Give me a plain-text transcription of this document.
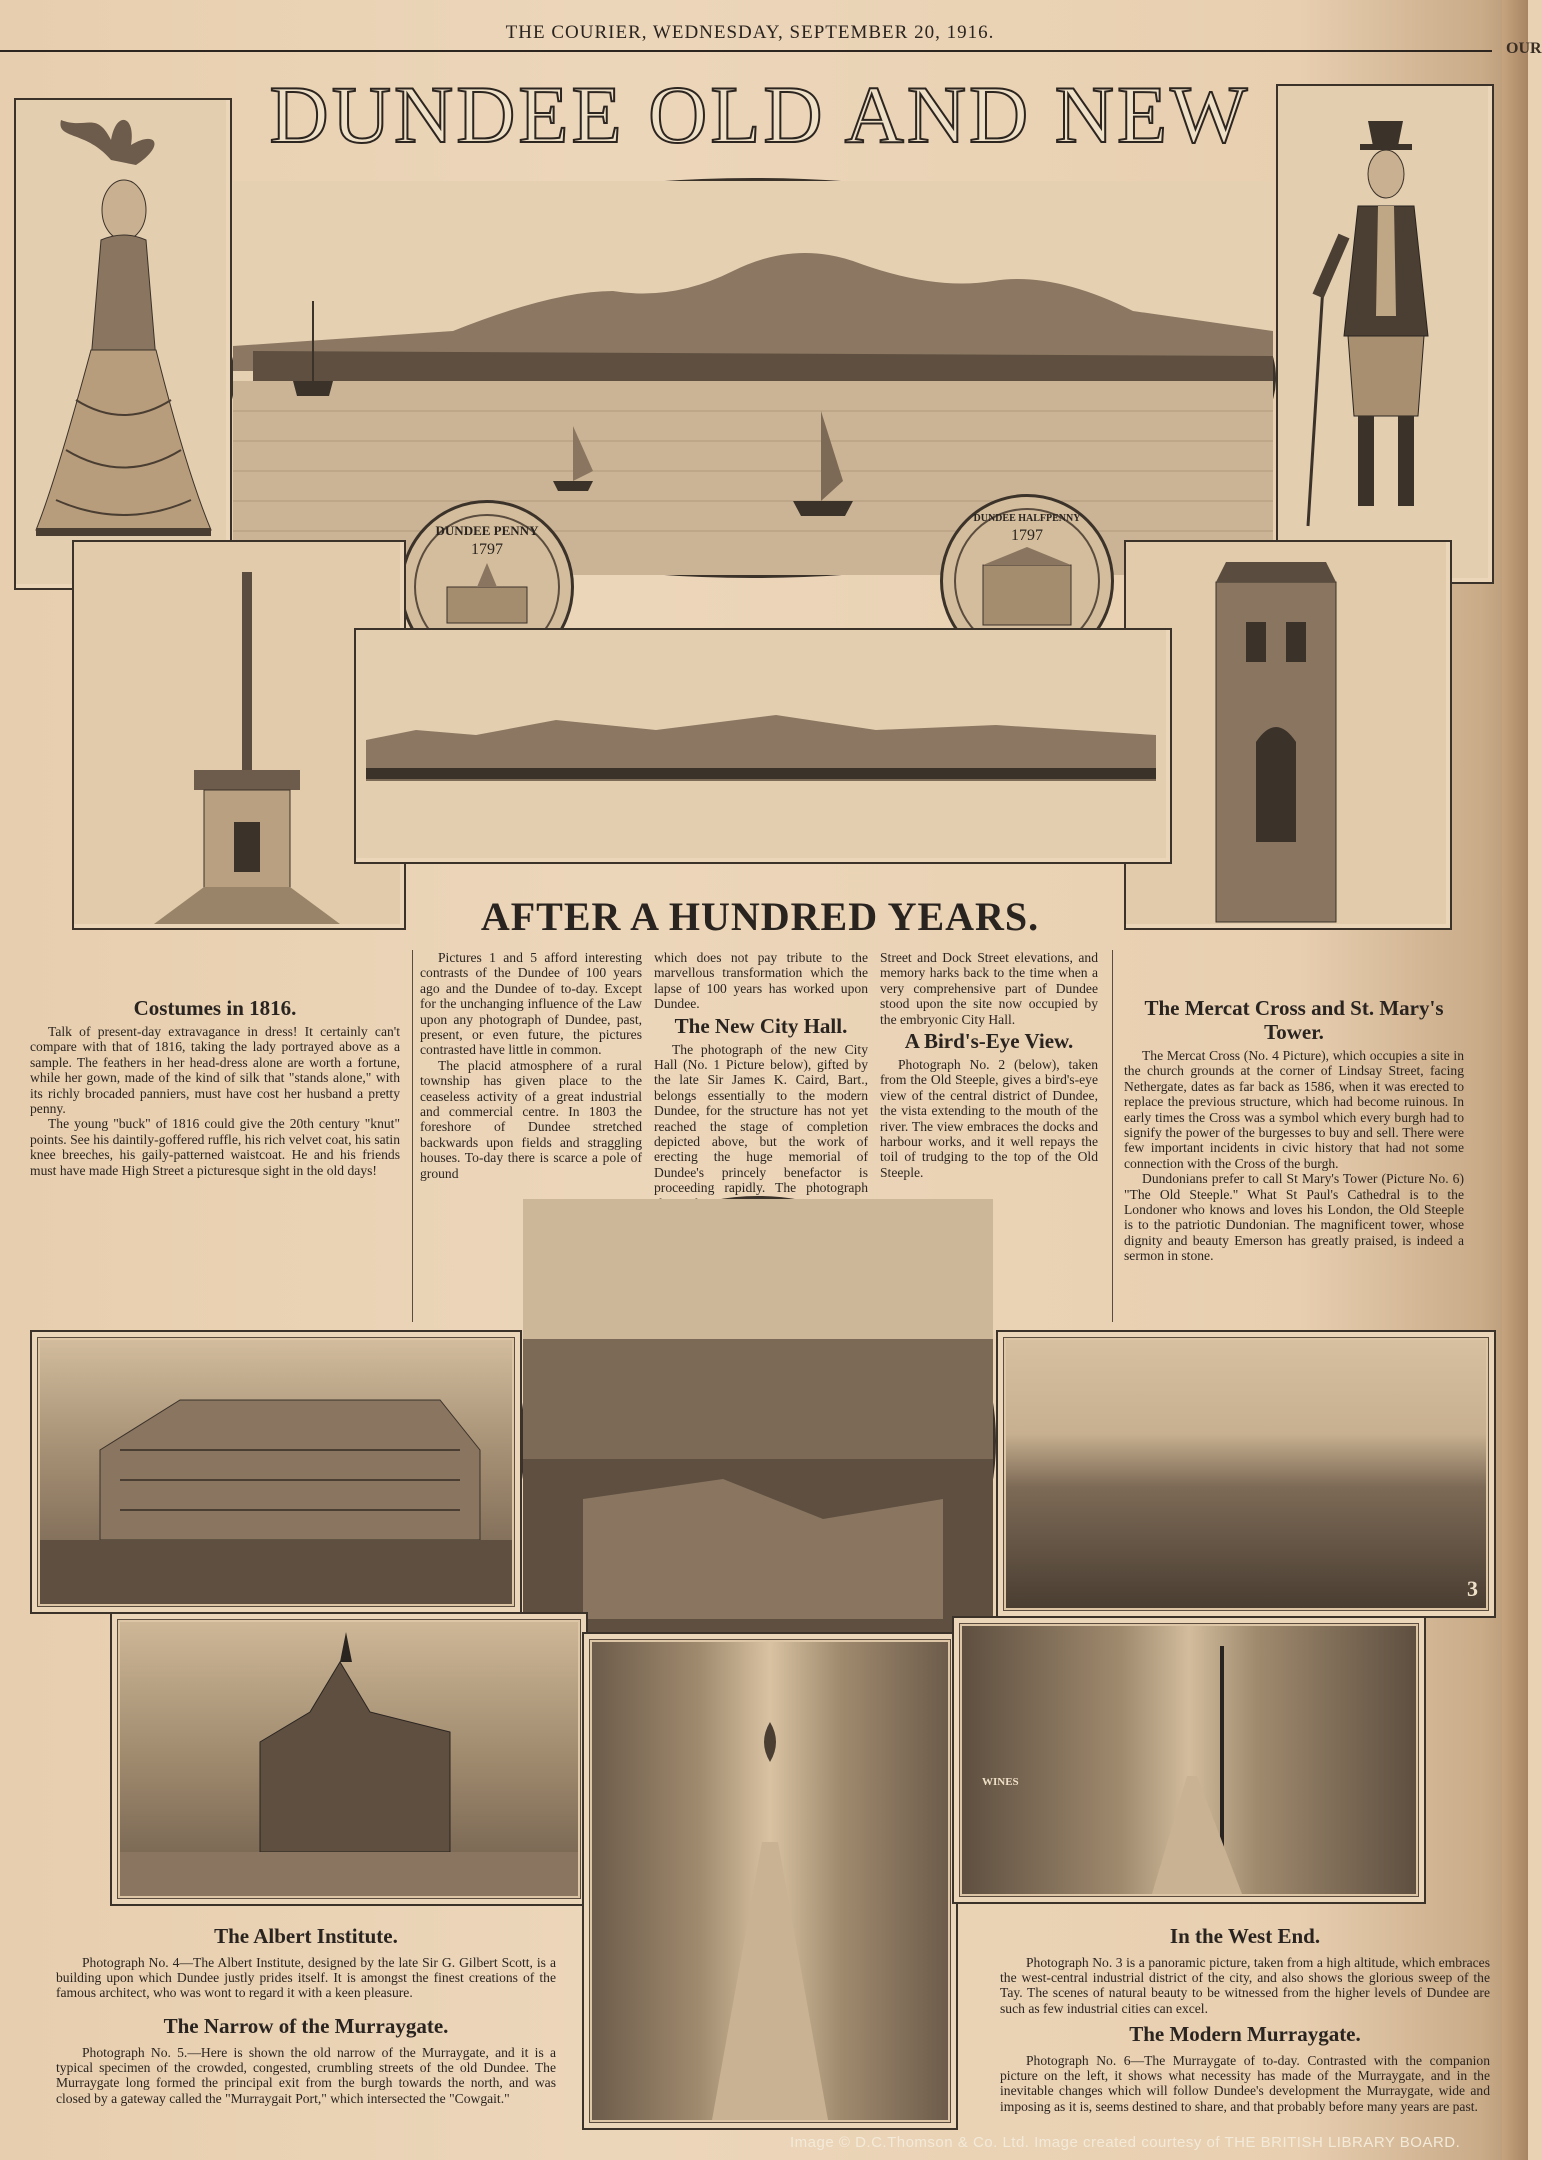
OUR
THE COURIER, WEDNESDAY, SEPTEMBER 20, 1916.
DUNDEE OLD AND NEW
DUNDEE PENNY
1797
DUNDEE HALFPENNY
1797
AFTER A HUNDRED YEARS.
Costumes in 1816.

Talk of present-day extravagance in dress! It certainly can't compare with that of 1816, taking the lady portrayed above as a sample. The feathers in her head-dress alone are worth a fortune, while her gown, made of the kind of silk that "stands alone," with its richly brocaded panniers, must have cost her husband a pretty penny.

The young "buck" of 1816 could give the 20th century "knut" points. See his daintily-goffered ruffle, his rich velvet coat, his satin knee breeches, his gaily-patterned waistcoat. He and his friends must have made High Street a picturesque sight in the old days!

Pictures 1 and 5 afford interesting contrasts of the Dundee of 100 years ago and the Dundee of to-day. Except for the unchanging influence of the Law upon any photograph of Dundee, past, present, or even future, the pictures contrasted have little in common.

The placid atmosphere of a rural township has given place to the ceaseless activity of a great industrial and commercial centre. In 1803 the foreshore of Dundee stretched backwards upon fields and straggling houses. To-day there is scarce a pole of ground

which does not pay tribute to the marvellous transformation which the lapse of 100 years has worked upon Dundee.

The New City Hall.

The photograph of the new City Hall (No. 1 Picture below), gifted by the late Sir James K. Caird, Bart., belongs essentially to the modern Dundee, for the structure has not yet reached the stage of completion depicted above, but the work of erecting the huge memorial of Dundee's princely benefactor is proceeding rapidly. The photograph

Street and Dock Street elevations, and memory harks back to the time when a very comprehensive part of Dundee stood upon the site now occupied by the embryonic City Hall.

A Bird's-Eye View.

Photograph No. 2 (below), taken from the Old Steeple, gives a bird's-eye view of the central district of Dundee, the vista extending to the mouth of the river. The view embraces the docks and harbour works, and it well repays the toil of trudging to the top of the Old Steeple.

The Mercat Cross and St. Mary's Tower.

The Mercat Cross (No. 4 Picture), which occupies a site in the church grounds at the corner of Lindsay Street, facing Nethergate, dates as far back as 1586, when it was erected to replace the previous structure, which had become ruinous. In early times the Cross was a symbol which every burgh had to signify the power of the burgesses to buy and sell. There were few important incidents in civic history that had not some connection with the Cross of the burgh.

Dundonians prefer to call St Mary's Tower (Picture No. 6) "The Old Steeple." What St Paul's Cathedral is to the Londoner who knows and loves his London, the Old Steeple is to the patriotic Dundonian. The magnificent tower, whose dignity and beauty Emerson has greatly praised, is indeed a sermon in stone.

3
WINES
The Albert Institute.

Photograph No. 4—The Albert Institute, designed by the late Sir G. Gilbert Scott, is a building upon which Dundee justly prides itself. It is amongst the finest creations of the famous architect, who was wont to regard it with a keen pleasure.

The Narrow of the Murraygate.

Photograph No. 5.—Here is shown the old narrow of the Murraygate, and it is a typical specimen of the crowded, congested, crumbling streets of the old Dundee. The Murraygate long formed the principal exit from the burgh towards the north, and was closed by a gateway called the "Murraygait Port," which intersected the "Cowgait."

In the West End.

Photograph No. 3 is a panoramic picture, taken from a high altitude, which embraces the west-central industrial district of the city, and also shows the glorious sweep of the Tay. The scenes of natural beauty to be witnessed from the higher levels of Dundee are such as few industrial cities can excel.

The Modern Murraygate.

Photograph No. 6—The Murraygate of to-day. Contrasted with the companion picture on the left, it shows what necessity has made of the Murraygate, and in the inevitable changes which will follow Dundee's development the Murraygate, wide and imposing as it is, seems destined to share, and that probably before many years are past.

Image © D.C.Thomson & Co. Ltd. Image created courtesy of THE BRITISH LIBRARY BOARD.
